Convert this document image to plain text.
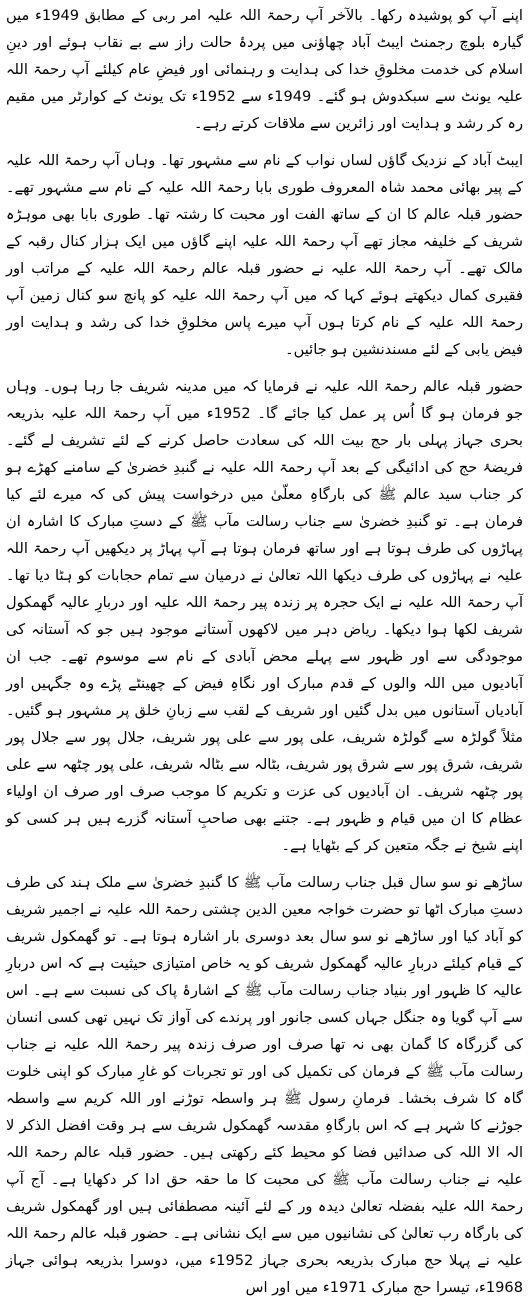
اپنے آپ کو پوشیدہ رکھا۔ بالآخر آپ رحمۃ اللہ علیہ امر ربی کے مطابق 1949ء میں گیارہ بلوچ رجمنٹ ایبٹ آباد چھاؤنی میں پردۂ حالت راز سے بے نقاب ہوئے اور دینِ اسلام کی خدمت مخلوقِ خدا کی ہدایت و رہنمائی اور فیضِ عام کیلئے آپ رحمۃ اللہ علیہ یونٹ سے سبکدوش ہو گئے۔ 1949ء سے 1952ء تک یونٹ کے کوارٹر میں مقیم رہ کر رشد و ہدایت اور زائرین سے ملاقات کرتے رہے۔

ایبٹ آباد کے نزدیک گاؤں لساں نواب کے نام سے مشہور تھا۔ وہاں آپ رحمۃ اللہ علیہ کے پیر بھائی محمد شاہ المعروف طوری بابا رحمۃ اللہ علیہ کے نام سے مشہور تھے۔ حضور قبلہ عالم کا ان کے ساتھ الفت اور محبت کا رشتہ تھا۔ طوری بابا بھی موہڑہ شریف کے خلیفہ مجاز تھے آپ رحمۃ اللہ علیہ اپنے گاؤں میں ایک ہزار کنال رقبہ کے مالک تھے۔ آپ رحمۃ اللہ علیہ نے حضور قبلہ عالم رحمۃ اللہ علیہ کے مراتب اور فقیری کمال دیکھتے ہوئے کہا کہ میں آپ رحمۃ اللہ علیہ کو پانچ سو کنال زمین آپ رحمۃ اللہ علیہ کے نام کرتا ہوں آپ میرے پاس مخلوقِ خدا کی رشد و ہدایت اور فیض یابی کے لئے مسندنشین ہو جائیں۔

حضور قبلہ عالم رحمۃ اللہ علیہ نے فرمایا کہ میں مدینہ شریف جا رہا ہوں۔ وہاں جو فرمان ہو گا اُس پر عمل کیا جائے گا۔ 1952ء میں آپ رحمۃ اللہ علیہ بذریعہ بحری جہاز پہلی بار حج بیت اللہ کی سعادت حاصل کرنے کے لئے تشریف لے گئے۔ فریضۂ حج کی ادائیگی کے بعد آپ رحمۃ اللہ علیہ نے گنبدِ خضریٰ کے سامنے کھڑے ہو کر جناب سید عالم ﷺ کی بارگاہِ معلّیٰ میں درخواست پیش کی کہ میرے لئے کیا فرمان ہے۔ تو گنبدِ خضریٰ سے جناب رسالت مآب ﷺ کے دستِ مبارک کا اشارہ ان پہاڑوں کی طرف ہوتا ہے اور ساتھ فرمان ہوتا ہے آپ پہاڑ پر دیکھیں آپ رحمۃ اللہ علیہ نے پہاڑوں کی طرف دیکھا اللہ تعالیٰ نے درمیان سے تمام حجابات کو ہٹا دیا تھا۔ آپ رحمۃ اللہ علیہ نے ایک حجرہ پر زندہ پیر رحمۃ اللہ علیہ اور دربارِ عالیہ گھمکول شریف لکھا ہوا دیکھا۔ ریاض دہر میں لاکھوں آستانے موجود ہیں جو کہ آستانہ کی موجودگی سے اور ظہور سے پہلے محض آبادی کے نام سے موسوم تھے۔ جب ان آبادیوں میں اللہ والوں کے قدم مبارک اور نگاہِ فیض کے چھینٹے پڑے وہ جگہیں اور آبادیاں آستانوں میں بدل گئیں اور شریف کے لقب سے زبانِ خلق پر مشہور ہو گئیں۔ مثلاً گولڑہ سے گولڑہ شریف، علی پور سے علی پور شریف، جلال پور سے جلال پور شریف، شرق پور سے شرق پور شریف، بٹالہ سے بٹالہ شریف، علی پور چٹھہ سے علی پور چٹھہ شریف۔ ان آبادیوں کی عزت و تکریم کا موجب صرف اور صرف ان اولیاء عظام کا ان میں قیام و ظہور ہے۔ جتنے بھی صاحبِ آستانہ گزرے ہیں ہر کسی کو اپنے شیخ نے جگہ متعین کر کے بٹھایا ہے۔

ساڑھے نو سو سال قبل جناب رسالت مآب ﷺ کا گنبدِ خضریٰ سے ملک ہند کی طرف دستِ مبارک اٹھا تو حضرت خواجہ معین الدین چشتی رحمۃ اللہ علیہ نے اجمیر شریف کو آباد کیا اور ساڑھے نو سو سال بعد دوسری بار اشارہ ہوتا ہے۔ تو گھمکول شریف کے قیام کیلئے دربارِ عالیہ گھمکول شریف کو یہ خاص امتیازی حیثیت ہے کہ اس دربارِ عالیہ کا ظہور اور بنیاد جناب رسالت مآب ﷺ کے اشارۂ پاک کی نسبت سے ہے۔ اس سے آپ گویا وہ جنگل جہاں کسی جانور اور پرندے کی آواز تک نہیں تھی کسی انسان کی گزرگاہ کا گمان بھی نہ تھا صرف اور صرف زندہ پیر رحمۃ اللہ علیہ نے جناب رسالت مآب ﷺ کے فرمان کی تکمیل کی اور تو تجربات کو غارِ مبارک کو اپنی خلوت گاہ کا شرف بخشا۔ فرمانِ رسول ﷺ ہر واسطہ توڑنے اور اللہ کریم سے واسطہ جوڑنے کا شہر ہے کہ اس بارگاہِ مقدسہ گھمکول شریف سے ہر وقت افضل الذکر لا الہ الا اللہ کی صدائیں فضا کو محیط کئے رکھتی ہیں۔ حضور قبلہ عالم رحمۃ اللہ علیہ نے جناب رسالت مآب ﷺ کی محبت کا ما حقہ حق ادا کر دکھایا ہے۔ آج آپ رحمۃ اللہ علیہ بفضلہ تعالیٰ دیدہ ور کے لئے آئینہ مصطفائی ہیں اور گھمکول شریف کی بارگاہ رب تعالیٰ کی نشانیوں میں سے ایک نشانی ہے۔ حضور قبلہ عالم رحمۃ اللہ علیہ نے پہلا حج مبارک بذریعہ بحری جہاز 1952ء میں، دوسرا بذریعہ ہوائی جہاز 1968ء، تیسرا حج مبارک 1971ء میں اور اس
